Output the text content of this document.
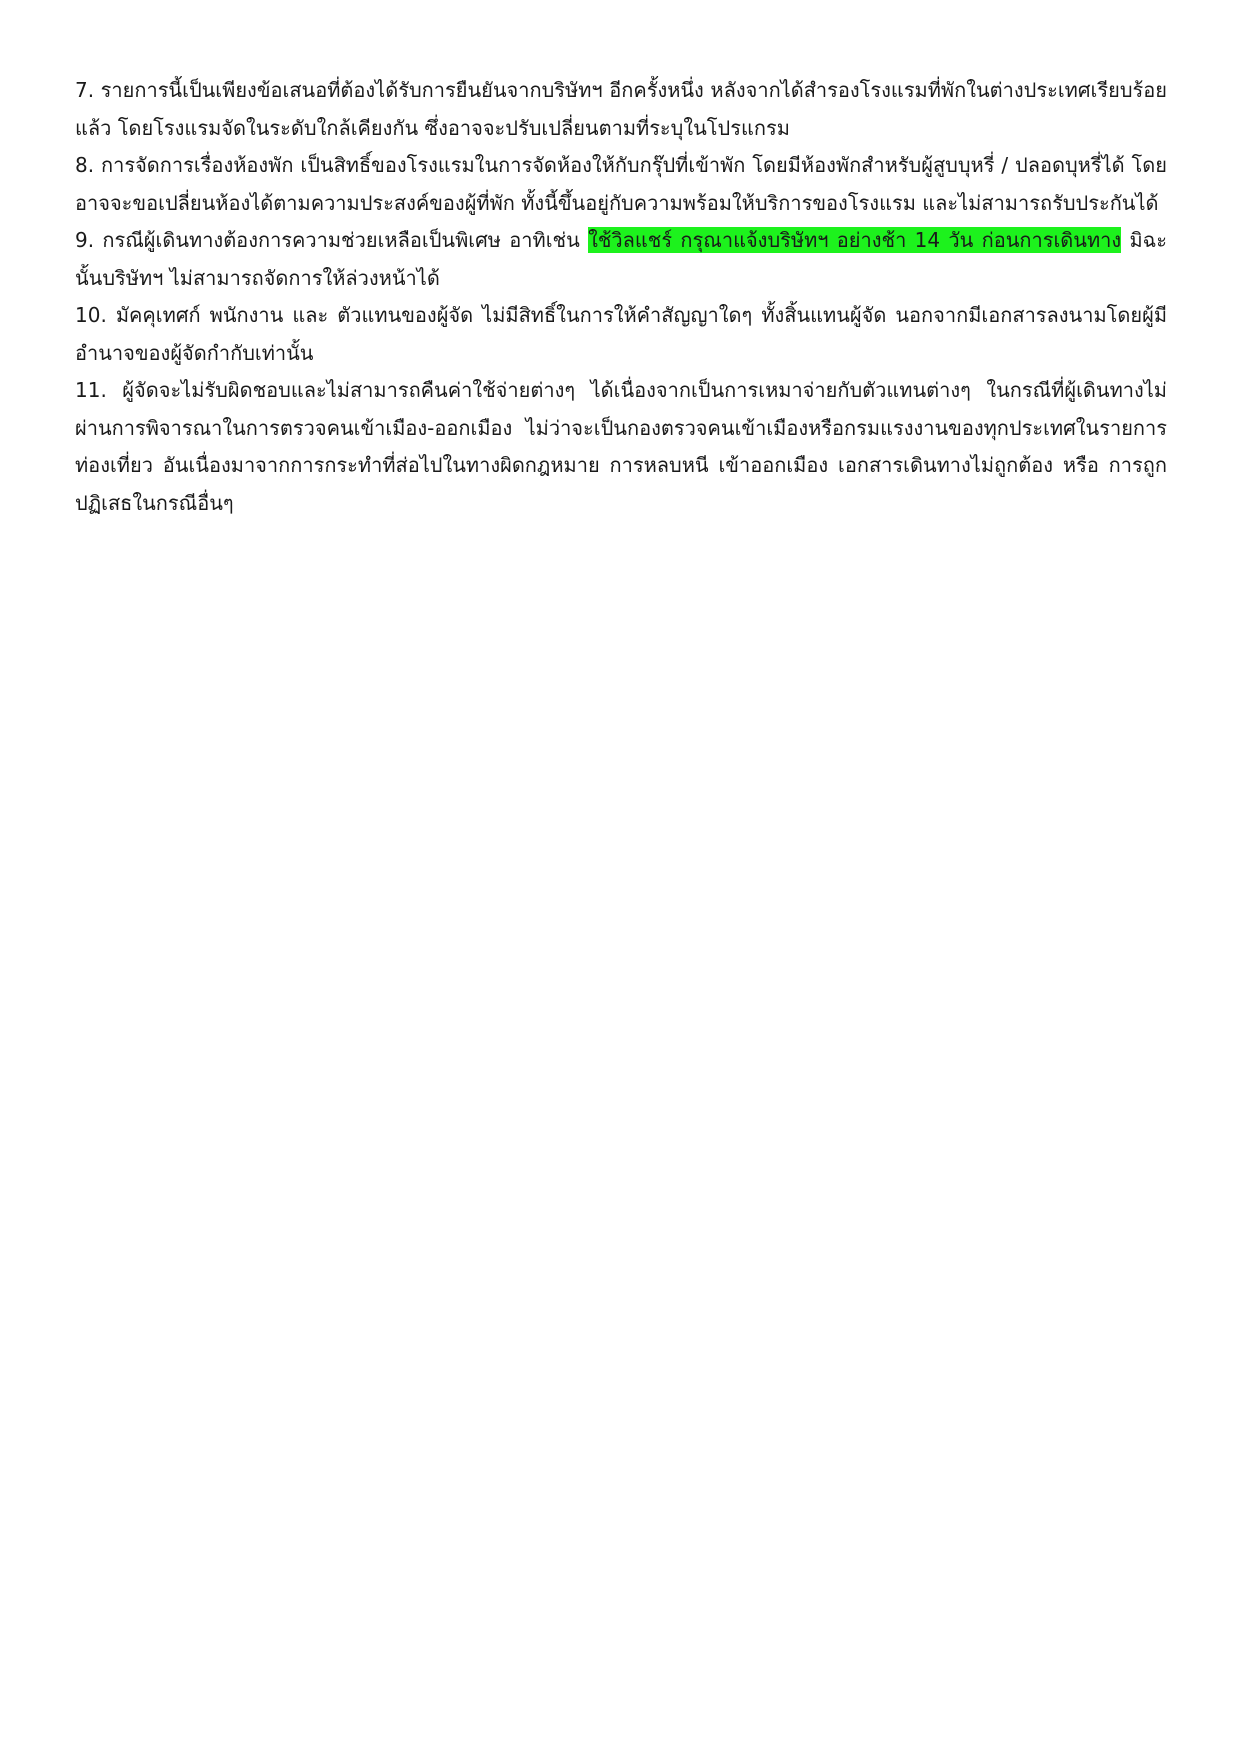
7. รายการนี้เป็นเพียงข้อเสนอที่ต้องได้รับการยืนยันจากบริษัทฯ อีกครั้งหนึ่ง หลังจากได้สำรองโรงแรมที่พักในต่างประเทศเรียบร้อยแล้ว โดยโรงแรมจัดในระดับใกล้เคียงกัน ซึ่งอาจจะปรับเปลี่ยนตามที่ระบุในโปรแกรม

8. การจัดการเรื่องห้องพัก เป็นสิทธิ์ของโรงแรมในการจัดห้องให้กับกรุ๊ปที่เข้าพัก โดยมีห้องพักสำหรับผู้สูบบุหรี่ / ปลอดบุหรี่ได้ โดยอาจจะขอเปลี่ยนห้องได้ตามความประสงค์ของผู้ที่พัก ทั้งนี้ขึ้นอยู่กับความพร้อมให้บริการของโรงแรม และไม่สามารถรับประกันได้

9. กรณีผู้เดินทางต้องการความช่วยเหลือเป็นพิเศษ อาทิเช่น ใช้วิลแชร์ กรุณาแจ้งบริษัทฯ อย่างช้า 14 วัน ก่อนการเดินทาง มิฉะนั้นบริษัทฯ ไม่สามารถจัดการให้ล่วงหน้าได้

10. มัคคุเทศก์ พนักงาน และ ตัวแทนของผู้จัด ไม่มีสิทธิ์ในการให้คำสัญญาใดๆ ทั้งสิ้นแทนผู้จัด นอกจากมีเอกสารลงนามโดยผู้มีอำนาจของผู้จัดกำกับเท่านั้น

11. ผู้จัดจะไม่รับผิดชอบและไม่สามารถคืนค่าใช้จ่ายต่างๆ ได้เนื่องจากเป็นการเหมาจ่ายกับตัวแทนต่างๆ ในกรณีที่ผู้เดินทางไม่ผ่านการพิจารณาในการตรวจคนเข้าเมือง-ออกเมือง ไม่ว่าจะเป็นกองตรวจคนเข้าเมืองหรือกรมแรงงานของทุกประเทศในรายการท่องเที่ยว อันเนื่องมาจากการกระทำที่ส่อไปในทางผิดกฎหมาย การหลบหนี เข้าออกเมือง เอกสารเดินทางไม่ถูกต้อง หรือ การถูกปฏิเสธในกรณีอื่นๆ
